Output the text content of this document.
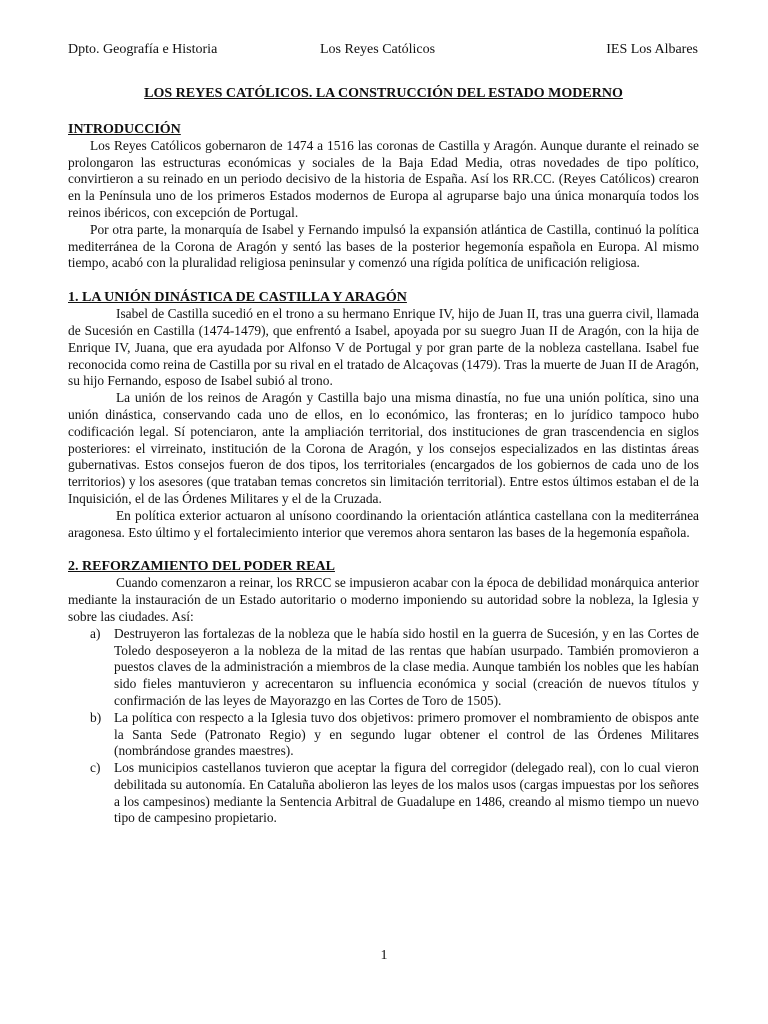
Dpto. Geografía e Historia	Los Reyes Católicos	IES Los Albares
LOS REYES CATÓLICOS. LA CONSTRUCCIÓN DEL ESTADO MODERNO
INTRODUCCIÓN

Los Reyes Católicos gobernaron de 1474 a 1516 las coronas de Castilla y Aragón. Aunque durante el reinado se prolongaron las estructuras económicas y sociales de la Baja Edad Media, otras novedades de tipo político, convirtieron a su reinado en un periodo decisivo de la historia de España. Así los RR.CC. (Reyes Católicos) crearon en la Península uno de los primeros Estados modernos de Europa al agruparse bajo una única monarquía todos los reinos ibéricos, con excepción de Portugal.

Por otra parte, la monarquía de Isabel y Fernando impulsó la expansión atlántica de Castilla, continuó la política mediterránea de la Corona de Aragón y sentó las bases de la posterior hegemonía española en Europa. Al mismo tiempo, acabó con la pluralidad religiosa peninsular y comenzó una rígida política de unificación religiosa.

1. LA UNIÓN DINÁSTICA DE CASTILLA Y ARAGÓN

Isabel de Castilla sucedió en el trono a su hermano Enrique IV, hijo de Juan II, tras una guerra civil, llamada de Sucesión en Castilla (1474-1479), que enfrentó a Isabel, apoyada por su suegro Juan II de Aragón, con la hija de Enrique IV, Juana, que era ayudada por Alfonso V de Portugal y por gran parte de la nobleza castellana. Isabel fue reconocida como reina de Castilla por su rival en el tratado de Alcaçovas (1479). Tras la muerte de Juan II de Aragón, su hijo Fernando, esposo de Isabel subió al trono.

La unión de los reinos de Aragón y Castilla bajo una misma dinastía, no fue una unión política, sino una unión dinástica, conservando cada uno de ellos, en lo económico, las fronteras; en lo jurídico tampoco hubo codificación legal. Sí potenciaron, ante la ampliación territorial, dos instituciones de gran trascendencia en siglos posteriores: el virreinato, institución de la Corona de Aragón, y los consejos especializados en las distintas áreas gubernativas. Estos consejos fueron de dos tipos, los territoriales (encargados de los gobiernos de cada uno de los territorios) y los asesores (que trataban temas concretos sin limitación territorial). Entre estos últimos estaban el de la Inquisición, el de las Órdenes Militares y el de la Cruzada.

En política exterior actuaron al unísono coordinando la orientación atlántica castellana con la mediterránea aragonesa. Esto último y el fortalecimiento interior que veremos ahora sentaron las bases de la hegemonía española.

2. REFORZAMIENTO DEL PODER REAL

Cuando comenzaron a reinar, los RRCC se impusieron acabar con la época de debilidad monárquica anterior mediante la instauración de un Estado autoritario o moderno imponiendo su autoridad sobre la nobleza, la Iglesia y sobre las ciudades. Así:

a) Destruyeron las fortalezas de la nobleza que le había sido hostil en la guerra de Sucesión, y en las Cortes de Toledo desposeyeron a la nobleza de la mitad de las rentas que habían usurpado. También promovieron a puestos claves de la administración a miembros de la clase media. Aunque también los nobles que les habían sido fieles mantuvieron y acrecentaron su influencia económica y social (creación de nuevos títulos y confirmación de las leyes de Mayorazgo en las Cortes de Toro de 1505).
b) La política con respecto a la Iglesia tuvo dos objetivos: primero promover el nombramiento de obispos ante la Santa Sede (Patronato Regio) y en segundo lugar obtener el control de las Órdenes Militares (nombrándose grandes maestres).
c) Los municipios castellanos tuvieron que aceptar la figura del corregidor (delegado real), con lo cual vieron debilitada su autonomía. En Cataluña abolieron las leyes de los malos usos (cargas impuestas por los señores a los campesinos) mediante la Sentencia Arbitral de Guadalupe en 1486, creando al mismo tiempo un nuevo tipo de campesino propietario.
1
